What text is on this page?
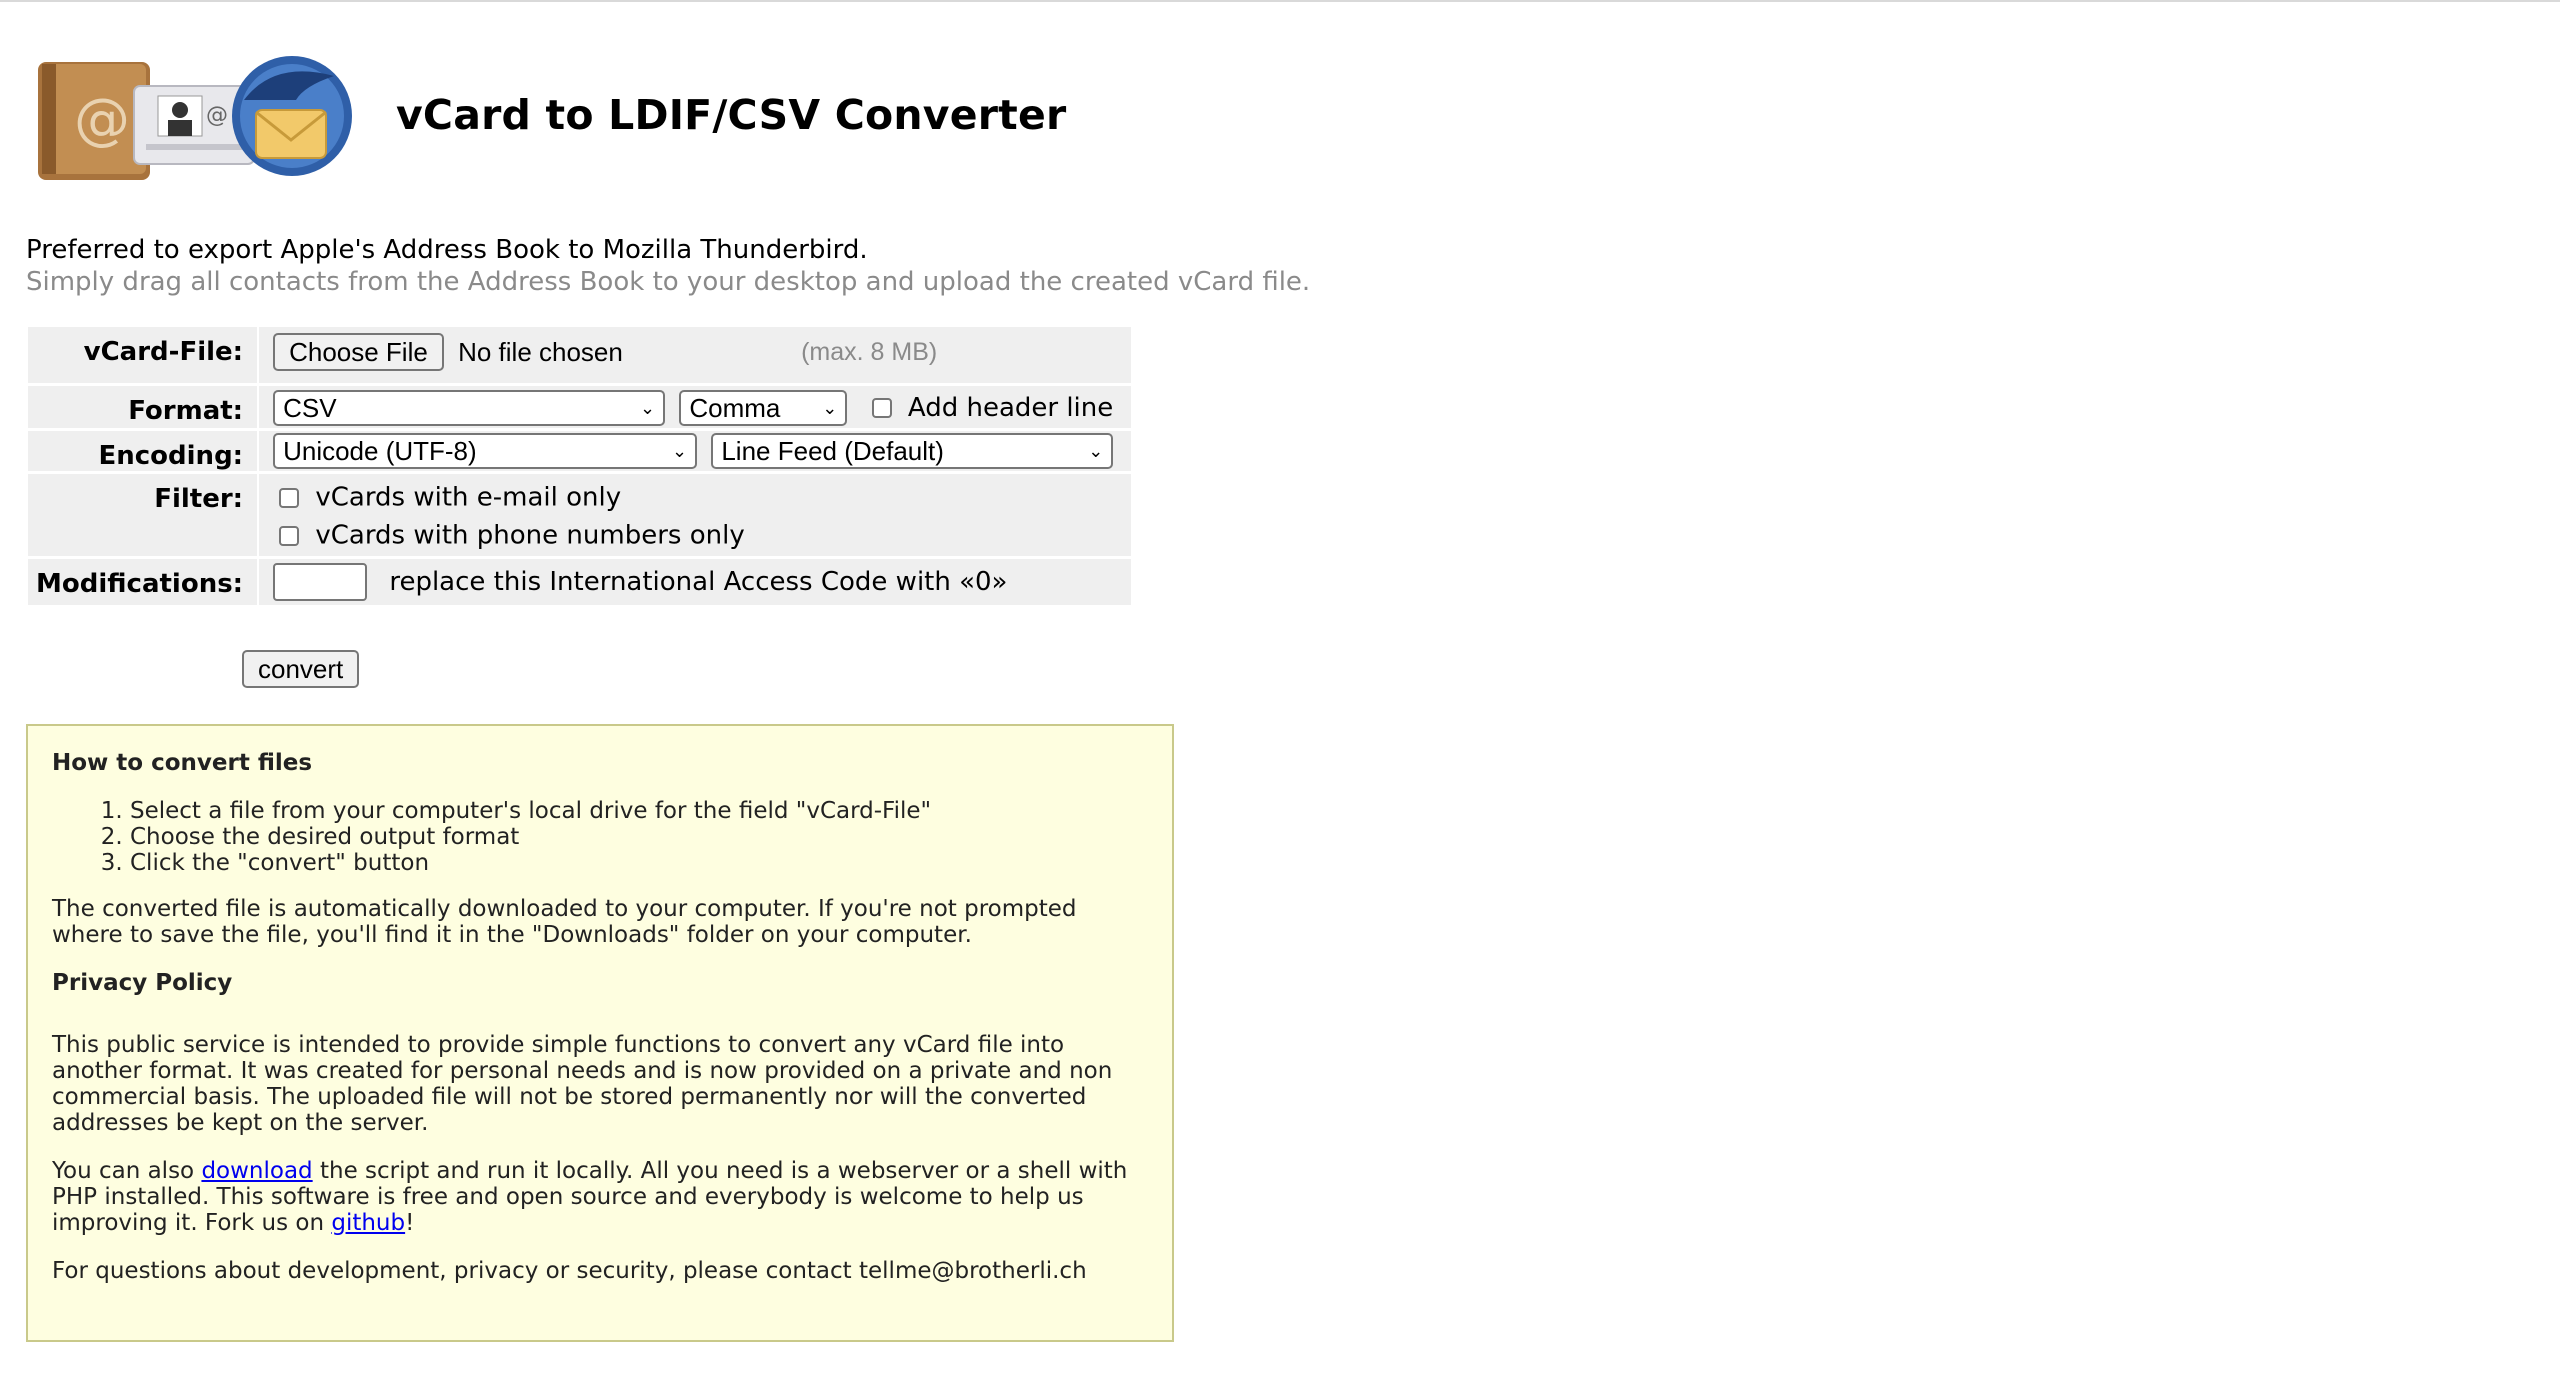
@	@	vCard to LDIF/CSV Converter
Preferred to export Apple's Address Book to Mozilla Thunderbird.
Simply drag all contacts from the Address Book to your desktop and upload the created vCard file.
vCard-File:	Choose File No file chosen (max. 8 MB)
Format:	CSV ⌄
Comma ⌄ Add header line
Encoding:	Unicode (UTF-8) ⌄
Line Feed (Default) ⌄

Filter:	vCards with e-mail only
vCards with phone numbers only

Modifications:	replace this International Access Code with «0»
convert
How to convert files
1. Select a file from your computer's local drive for the field "vCard-File"
2. Choose the desired output format
3. Click the "convert" button

The converted file is automatically downloaded to your computer. If you're not prompted where to save the file, you'll find it in the "Downloads" folder on your computer.

Privacy Policy

This public service is intended to provide simple functions to convert any vCard file into another format. It was created for personal needs and is now provided on a private and non commercial basis. The uploaded file will not be stored permanently nor will the converted addresses be kept on the server.

You can also download the script and run it locally. All you need is a webserver or a shell with PHP installed. This software is free and open source and everybody is welcome to help us improving it. Fork us on github!

For questions about development, privacy or security, please contact tellme@brotherli.ch
